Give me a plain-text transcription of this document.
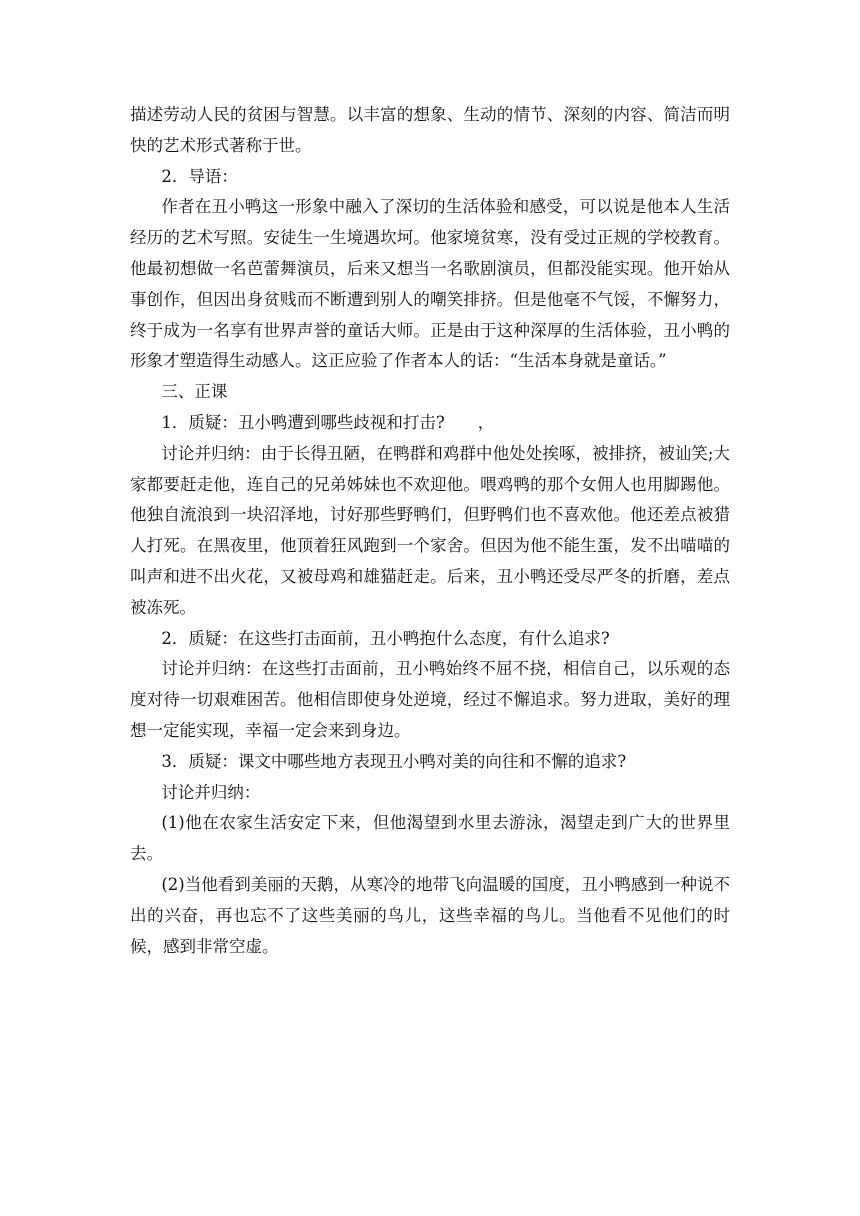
描述劳动人民的贫困与智慧。以丰富的想象、生动的情节、深刻的内容、简洁而明快的艺术形式著称于世。

2．导语：

作者在丑小鸭这一形象中融入了深切的生活体验和感受，可以说是他本人生活经历的艺术写照。安徒生一生境遇坎坷。他家境贫寒，没有受过正规的学校教育。他最初想做一名芭蕾舞演员，后来又想当一名歌剧演员，但都没能实现。他开始从事创作，但因出身贫贱而不断遭到别人的嘲笑排挤。但是他毫不气馁，不懈努力，终于成为一名享有世界声誉的童话大师。正是由于这种深厚的生活体验，丑小鸭的形象才塑造得生动感人。这正应验了作者本人的话：“生活本身就是童话。”

三、正课

1．质疑：丑小鸭遭到哪些歧视和打击?　　，

讨论并归纳：由于长得丑陋，在鸭群和鸡群中他处处挨啄，被排挤，被讪笑;大家都要赶走他，连自己的兄弟姊妹也不欢迎他。喂鸡鸭的那个女佣人也用脚踢他。他独自流浪到一块沼泽地，讨好那些野鸭们，但野鸭们也不喜欢他。他还差点被猎人打死。在黑夜里，他顶着狂风跑到一个家舍。但因为他不能生蛋，发不出喵喵的叫声和进不出火花，又被母鸡和雄猫赶走。后来，丑小鸭还受尽严冬的折磨，差点被冻死。

2．质疑：在这些打击面前，丑小鸭抱什么态度，有什么追求?

讨论并归纳：在这些打击面前，丑小鸭始终不屈不挠，相信自己，以乐观的态度对待一切艰难困苦。他相信即使身处逆境，经过不懈追求。努力进取，美好的理想一定能实现，幸福一定会来到身边。

3．质疑：课文中哪些地方表现丑小鸭对美的向往和不懈的追求?

讨论并归纳：

(1)他在农家生活安定下来，但他渴望到水里去游泳，渴望走到广大的世界里去。

(2)当他看到美丽的天鹅，从寒冷的地带飞向温暖的国度，丑小鸭感到一种说不出的兴奋，再也忘不了这些美丽的鸟儿，这些幸福的鸟儿。当他看不见他们的时候，感到非常空虚。
